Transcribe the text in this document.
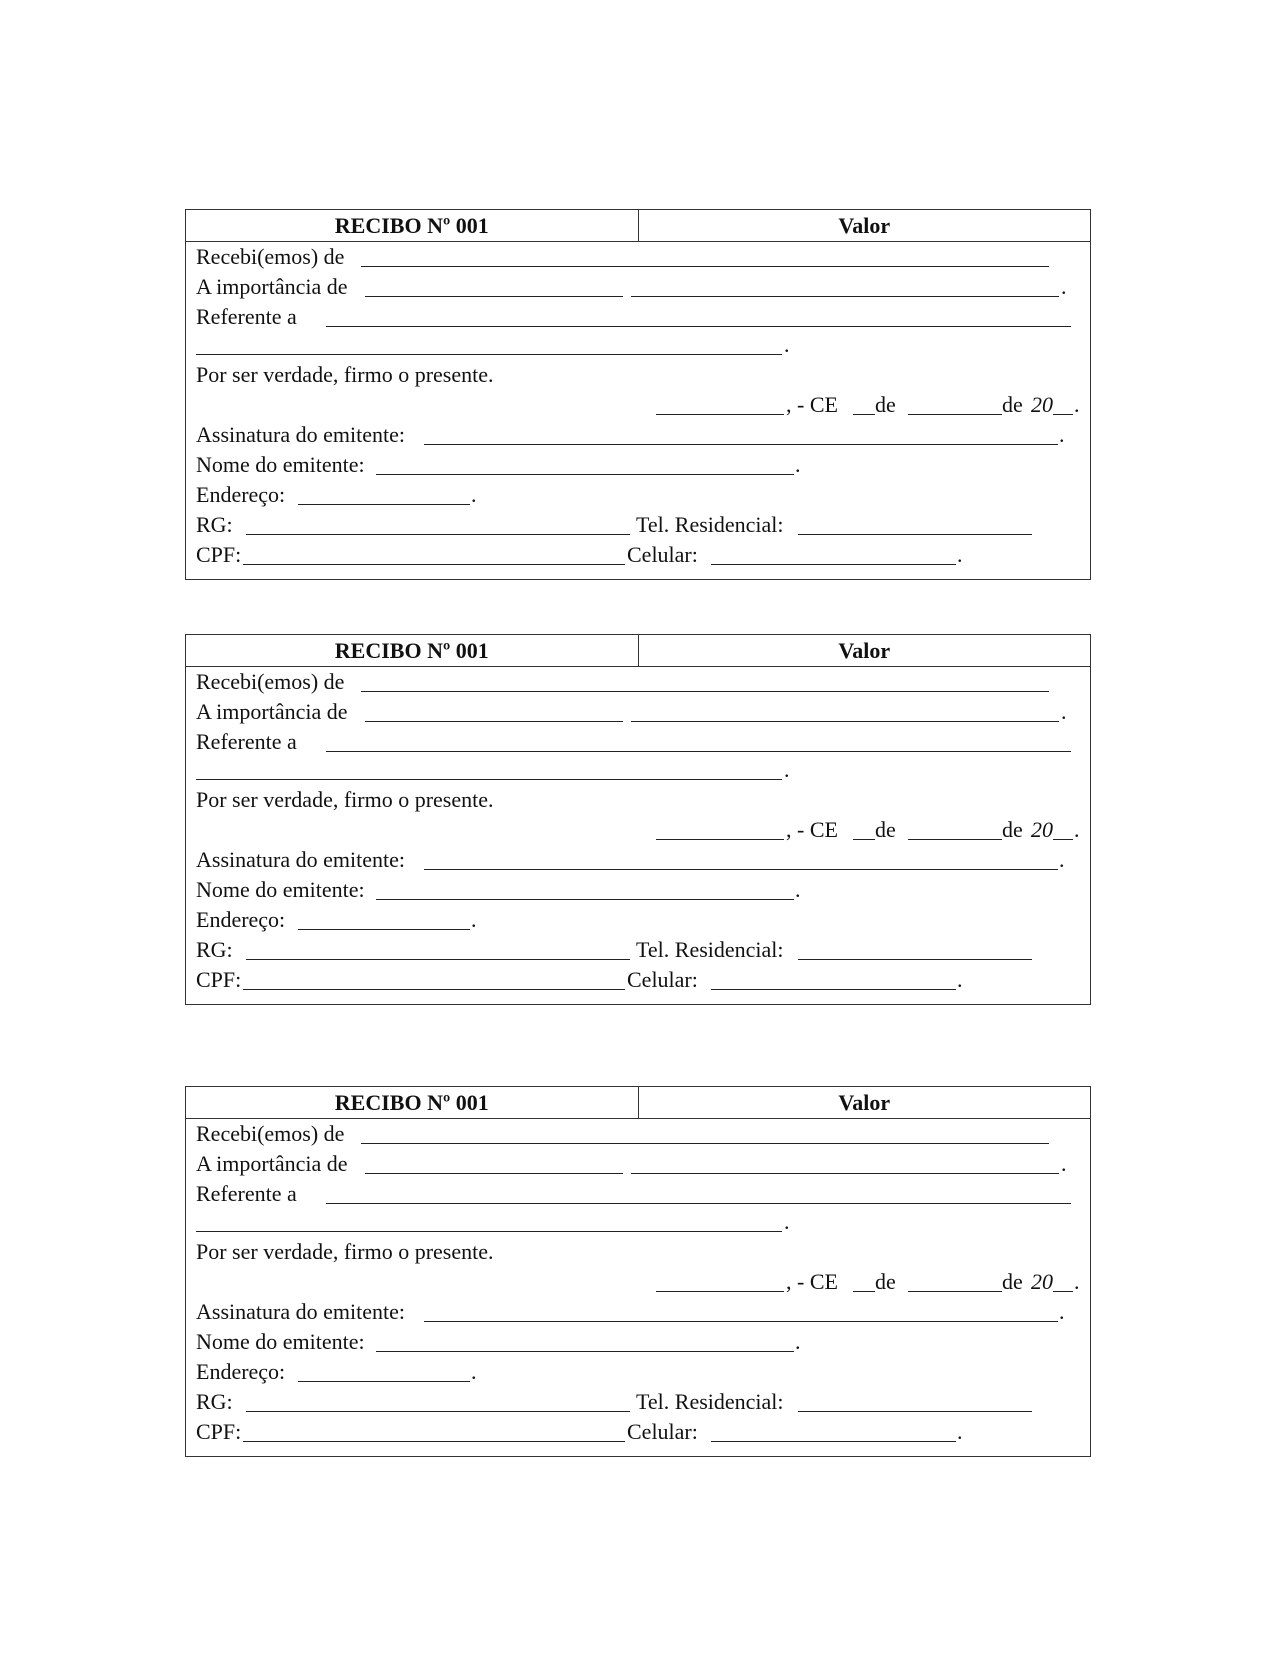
RECIBO Nº 001	Valor
Recebi(emos) de
A importância de	.
Referente a
.
Por ser verdade, firmo o presente.
, - CE de	de 20 .
Assinatura do emitente:	.
Nome do emitente:	.
Endereço:	.
RG:	Tel. Residencial:
CPF:	Celular:	.
RECIBO Nº 001	Valor
Recebi(emos) de
A importância de	.
Referente a
.
Por ser verdade, firmo o presente.
, - CE de	de 20 .
Assinatura do emitente:	.
Nome do emitente:	.
Endereço:	.
RG:	Tel. Residencial:
CPF:	Celular:	.
RECIBO Nº 001	Valor
Recebi(emos) de
A importância de	.
Referente a
.
Por ser verdade, firmo o presente.
, - CE de	de 20 .
Assinatura do emitente:	.
Nome do emitente:	.
Endereço:	.
RG:	Tel. Residencial:
CPF:	Celular:	.
